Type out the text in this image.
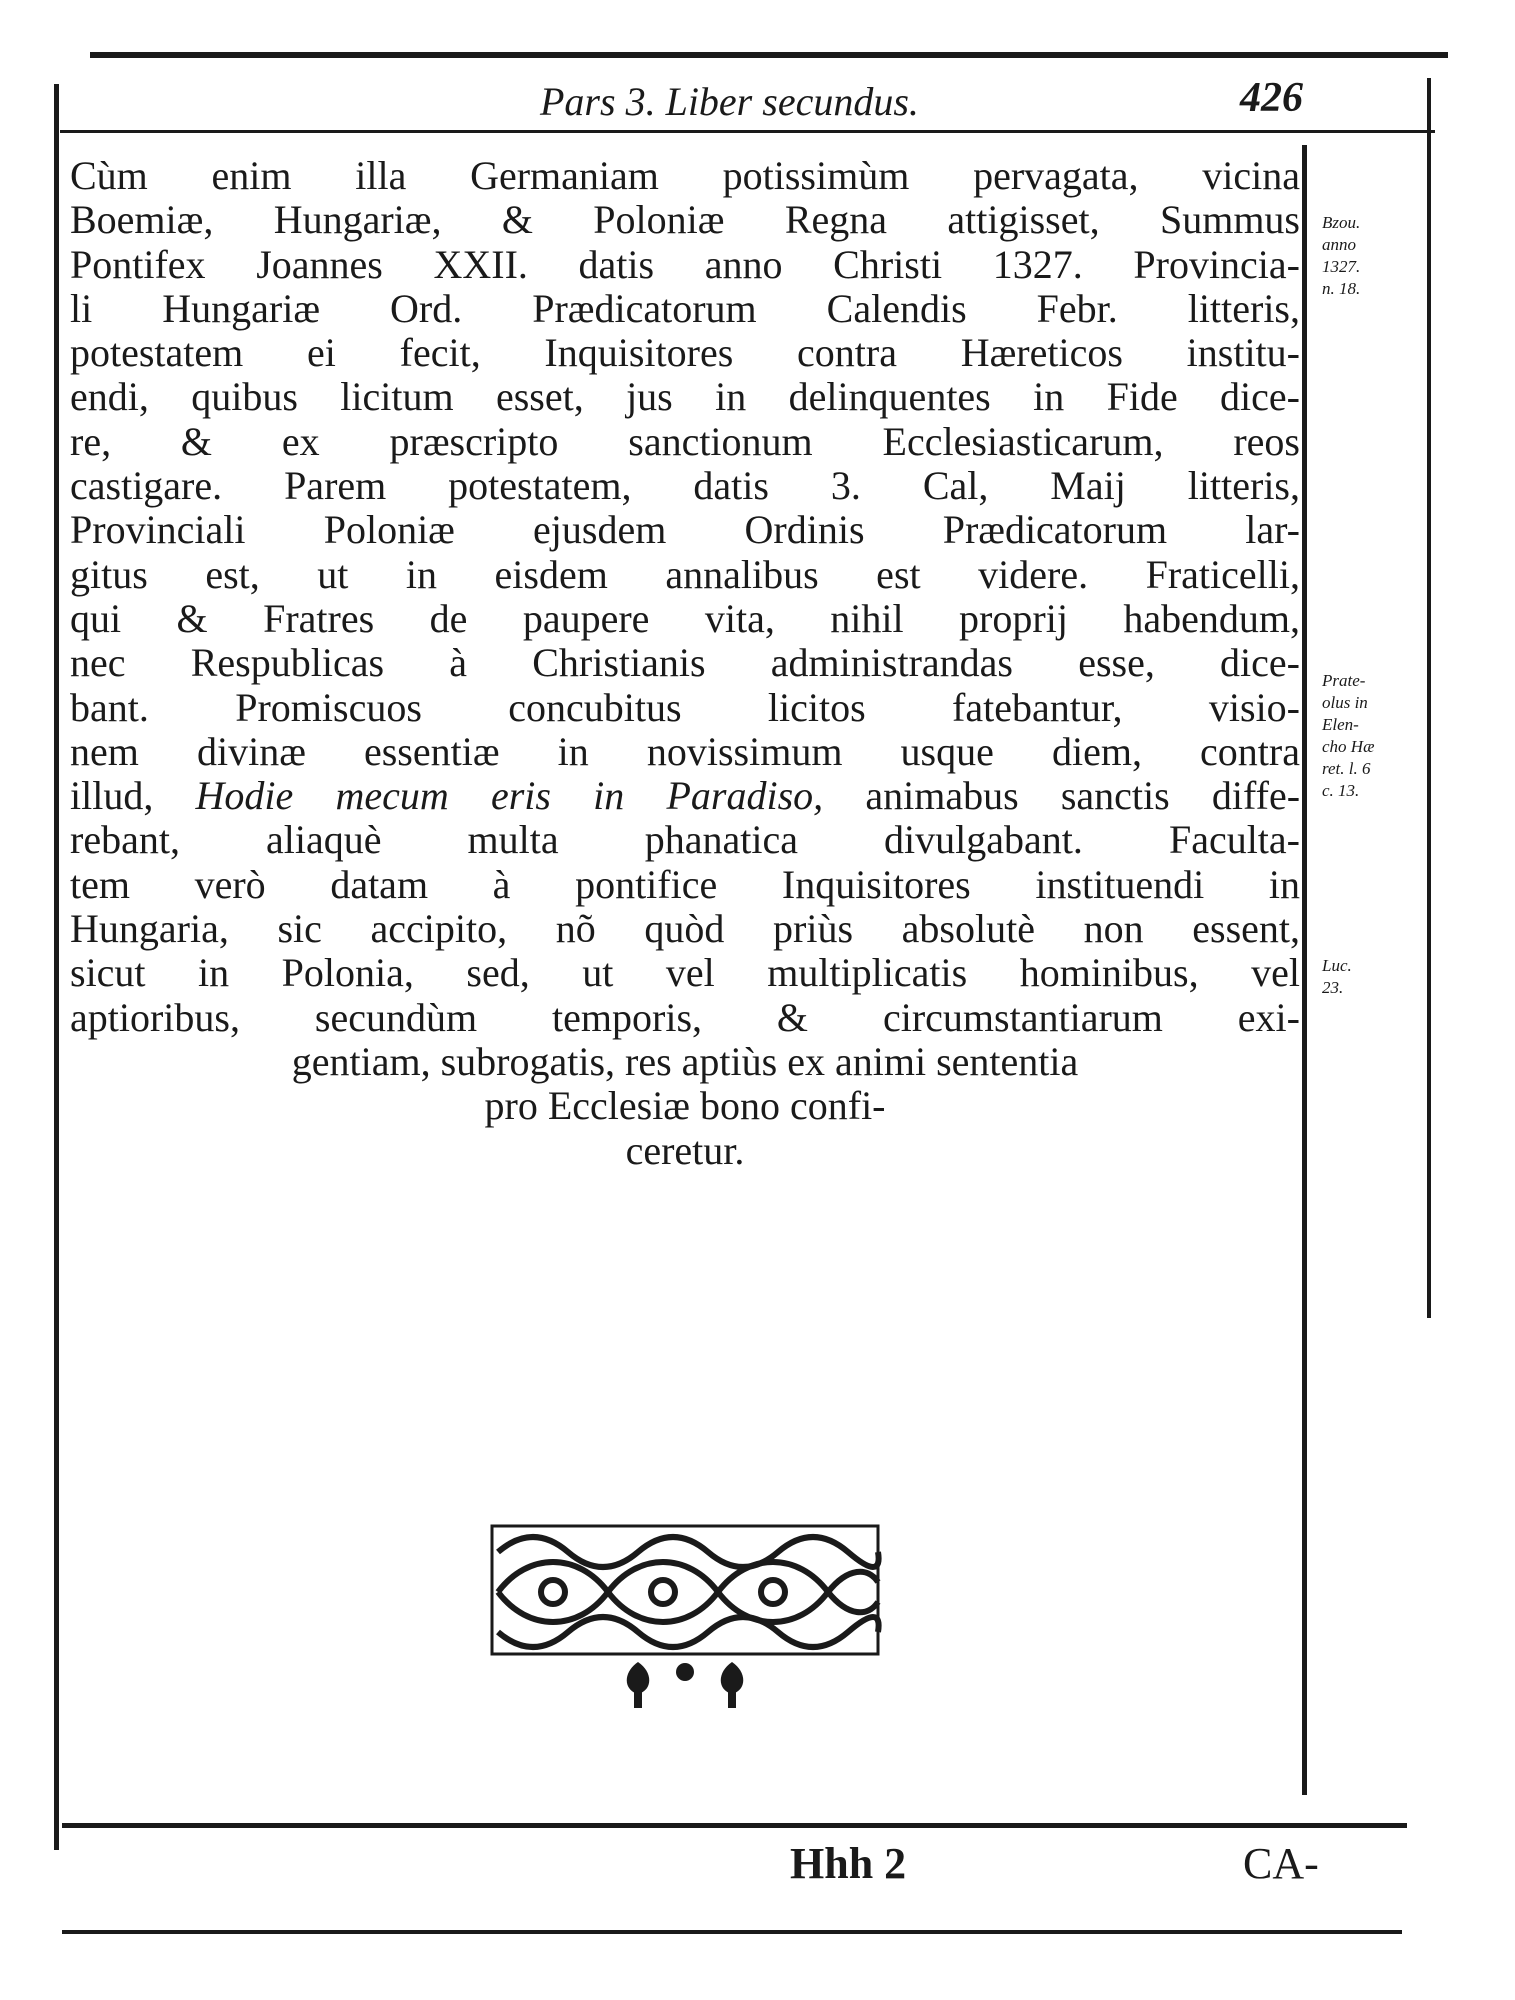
Pars 3. Liber secundus.	426
Cùm enim illa Germaniam potissimùm pervagata, vicina
Boemiæ, Hungariæ, & Poloniæ Regna attigisset, Summus
Pontifex Joannes XXII. datis anno Christi 1327. Provincia-
li Hungariæ Ord. Prædicatorum Calendis Febr. litteris,
potestatem ei fecit, Inquisitores contra Hæreticos institu-
endi, quibus licitum esset, jus in delinquentes in Fide dice-
re, & ex præscripto sanctionum Ecclesiasticarum, reos
castigare. Parem potestatem, datis 3. Cal, Maij litteris,
Provinciali Poloniæ ejusdem Ordinis Prædicatorum lar-
gitus est, ut in eisdem annalibus est videre. Fraticelli,
qui & Fratres de paupere vita, nihil proprij habendum,
nec Respublicas à Christianis administrandas esse, dice-
bant. Promiscuos concubitus licitos fatebantur, visio-
nem divinæ essentiæ in novissimum usque diem, contra
illud, Hodie mecum eris in Paradiso, animabus sanctis diffe-
rebant, aliaquè multa phanatica divulgabant. Facultа-
tem verò datam à pontifice Inquisitores instituendi in
Hungaria, sic accipito, nõ quòd priùs absolutè non essent,
sicut in Polonia, sed, ut vel multiplicatis hominibus, vel
aptioribus, secundùm temporis, & circumstantiarum exi-
gentiam, subrogatis, res aptiùs ex animi sententia
pro Ecclesiæ bono confi-
ceretur.
Bzou.
anno
1327.
n. 18.
Prate-
olus in
Elen-
cho Hæ
ret. l. 6
c. 13.
Luc.
23.
Hhh 2	CA-
